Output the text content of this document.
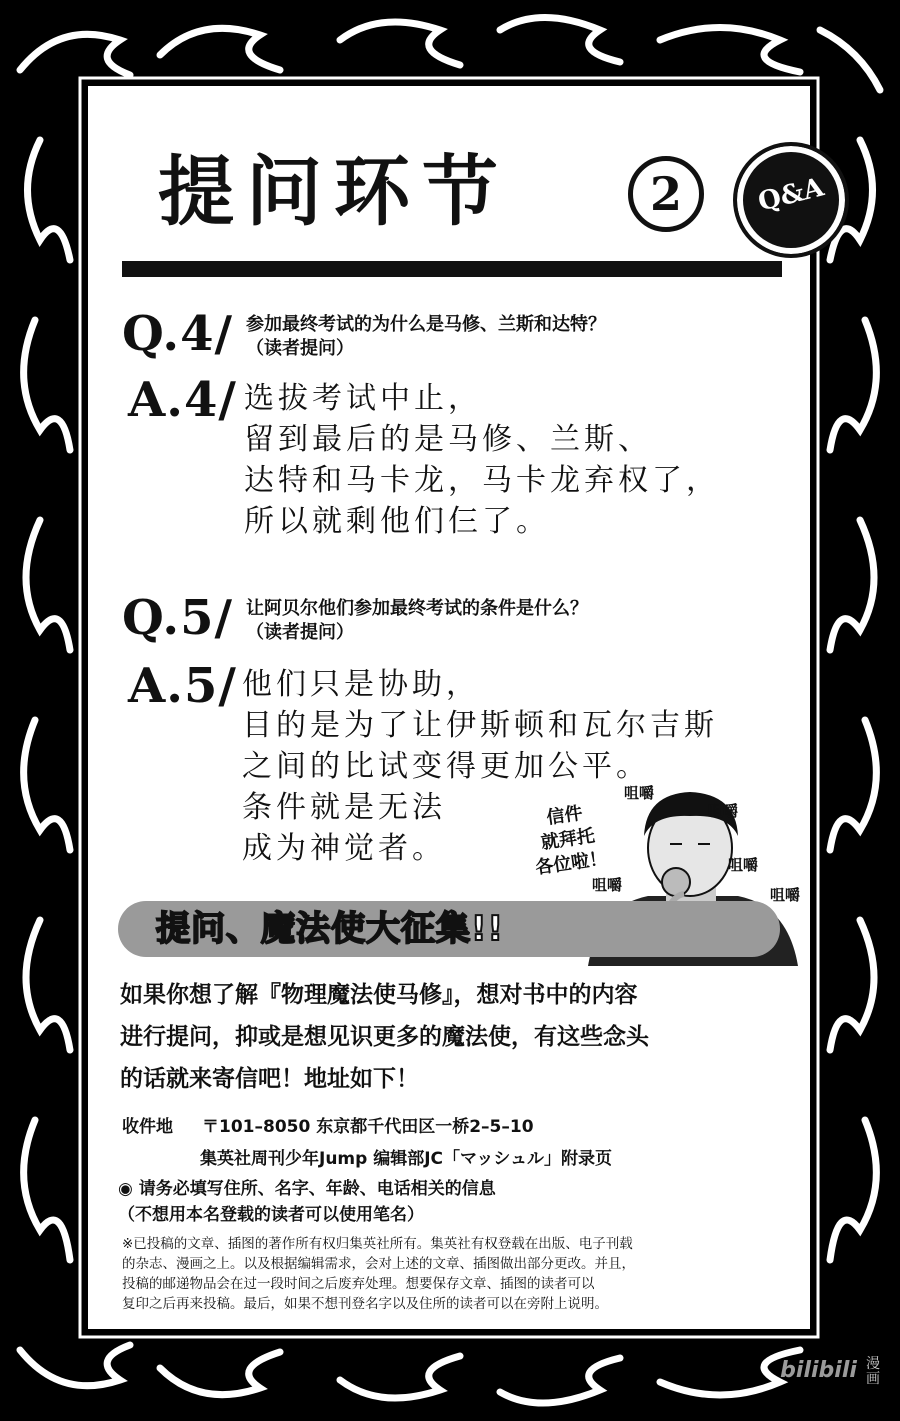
提问环节	2	Q&A
Q.4/ 参加最终考试的为什么是马修、兰斯和达特？
（读者提问）
A.4/ 选拔考试中止，
留到最后的是马修、兰斯、
达特和马卡龙，马卡龙弃权了，
所以就剩他们仨了。
Q.5/ 让阿贝尔他们参加最终考试的条件是什么？
（读者提问）
A.5/ 他们只是协助，
目的是为了让伊斯顿和瓦尔吉斯
之间的比试变得更加公平。
条件就是无法
成为神觉者。
信件
就拜托
各位啦！
咀嚼
咀嚼
咀嚼
咀嚼
咀嚼
提问、魔法使大征集!!
如果你想了解『物理魔法使马修』，想对书中的内容
进行提问，抑或是想见识更多的魔法使，有这些念头
的话就来寄信吧！地址如下！
收件地 〒101–8050 东京都千代田区一桥2–5–10
集英社周刊少年Jump 编辑部JC「マッシュル」附录页
◉ 请务必填写住所、名字、年龄、电话相关的信息
（不想用本名登载的读者可以使用笔名）
※已投稿的文章、插图的著作所有权归集英社所有。集英社有权登载在出版、电子刊载
的杂志、漫画之上。以及根据编辑需求，会对上述的文章、插图做出部分更改。并且，
投稿的邮递物品会在过一段时间之后废弃处理。想要保存文章、插图的读者可以
复印之后再来投稿。最后，如果不想刊登名字以及住所的读者可以在旁附上说明。
bilibili 漫画
